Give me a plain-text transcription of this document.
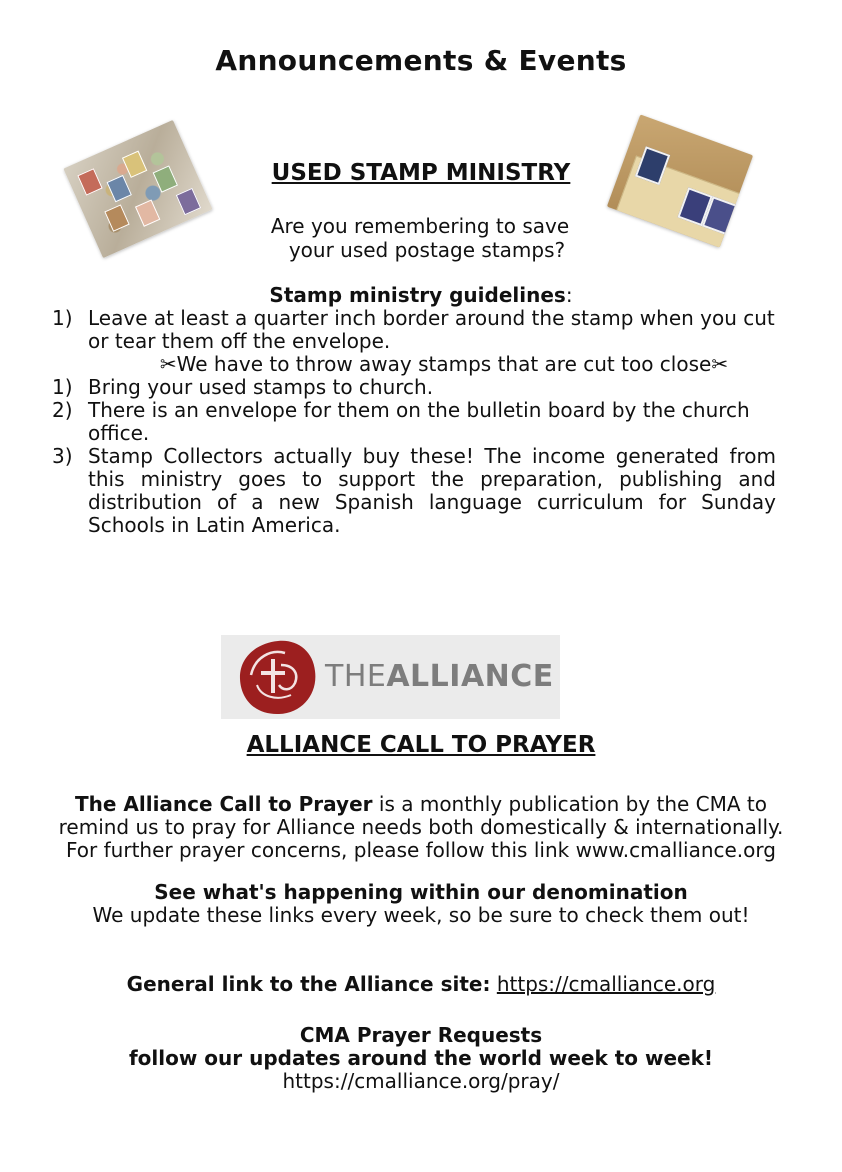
Announcements & Events
USED STAMP MINISTRY
Are you remembering to save
your used postage stamps?
Stamp ministry guidelines:
1) Leave at least a quarter inch border around the stamp when you cut or tear them off the envelope.
✂We have to throw away stamps that are cut too close✂
1) Bring your used stamps to church.
2) There is an envelope for them on the bulletin board by the church office.
3) Stamp Collectors actually buy these! The income generated from this ministry goes to support the preparation, publishing and distribution of a new Spanish language curriculum for Sunday Schools in Latin America.
THEALLIANCE
ALLIANCE CALL TO PRAYER
The Alliance Call to Prayer is a monthly publication by the CMA to
remind us to pray for Alliance needs both domestically & internationally.
For further prayer concerns, please follow this link www.cmalliance.org
See what's happening within our denomination
We update these links every week, so be sure to check them out!
General link to the Alliance site: https://cmalliance.org
CMA Prayer Requests
follow our updates around the world week to week!
https://cmalliance.org/pray/
